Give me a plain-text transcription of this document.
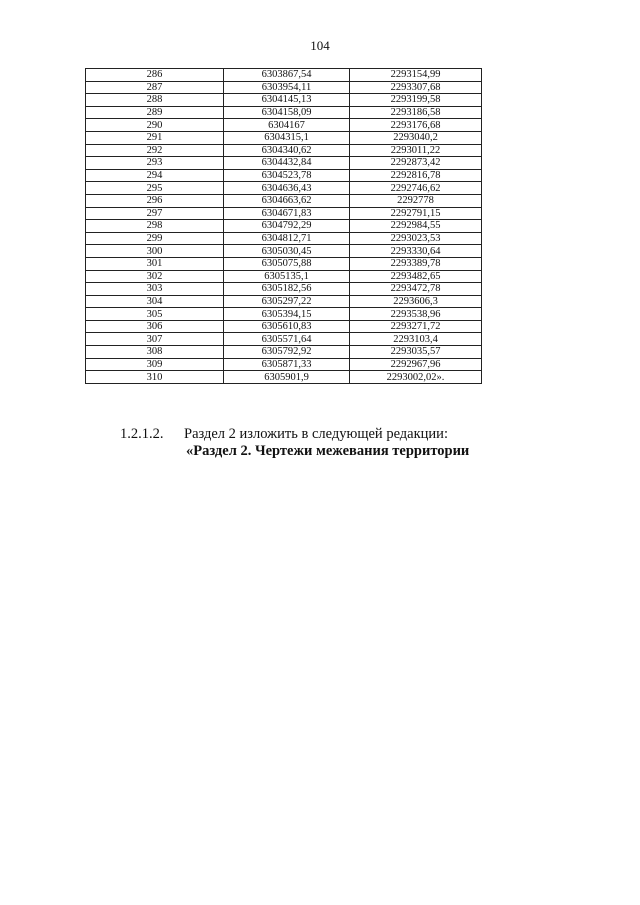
104
286	6303867,54	2293154,99
287	6303954,11	2293307,68
288	6304145,13	2293199,58
289	6304158,09	2293186,58
290	6304167	2293176,68
291	6304315,1	2293040,2
292	6304340,62	2293011,22
293	6304432,84	2292873,42
294	6304523,78	2292816,78
295	6304636,43	2292746,62
296	6304663,62	2292778
297	6304671,83	2292791,15
298	6304792,29	2292984,55
299	6304812,71	2293023,53
300	6305030,45	2293330,64
301	6305075,88	2293389,78
302	6305135,1	2293482,65
303	6305182,56	2293472,78
304	6305297,22	2293606,3
305	6305394,15	2293538,96
306	6305610,83	2293271,72
307	6305571,64	2293103,4
308	6305792,92	2293035,57
309	6305871,33	2292967,96
310	6305901,9	2293002,02».
1.2.1.2. Раздел 2 изложить в следующей редакции:
«Раздел 2. Чертежи межевания территории
